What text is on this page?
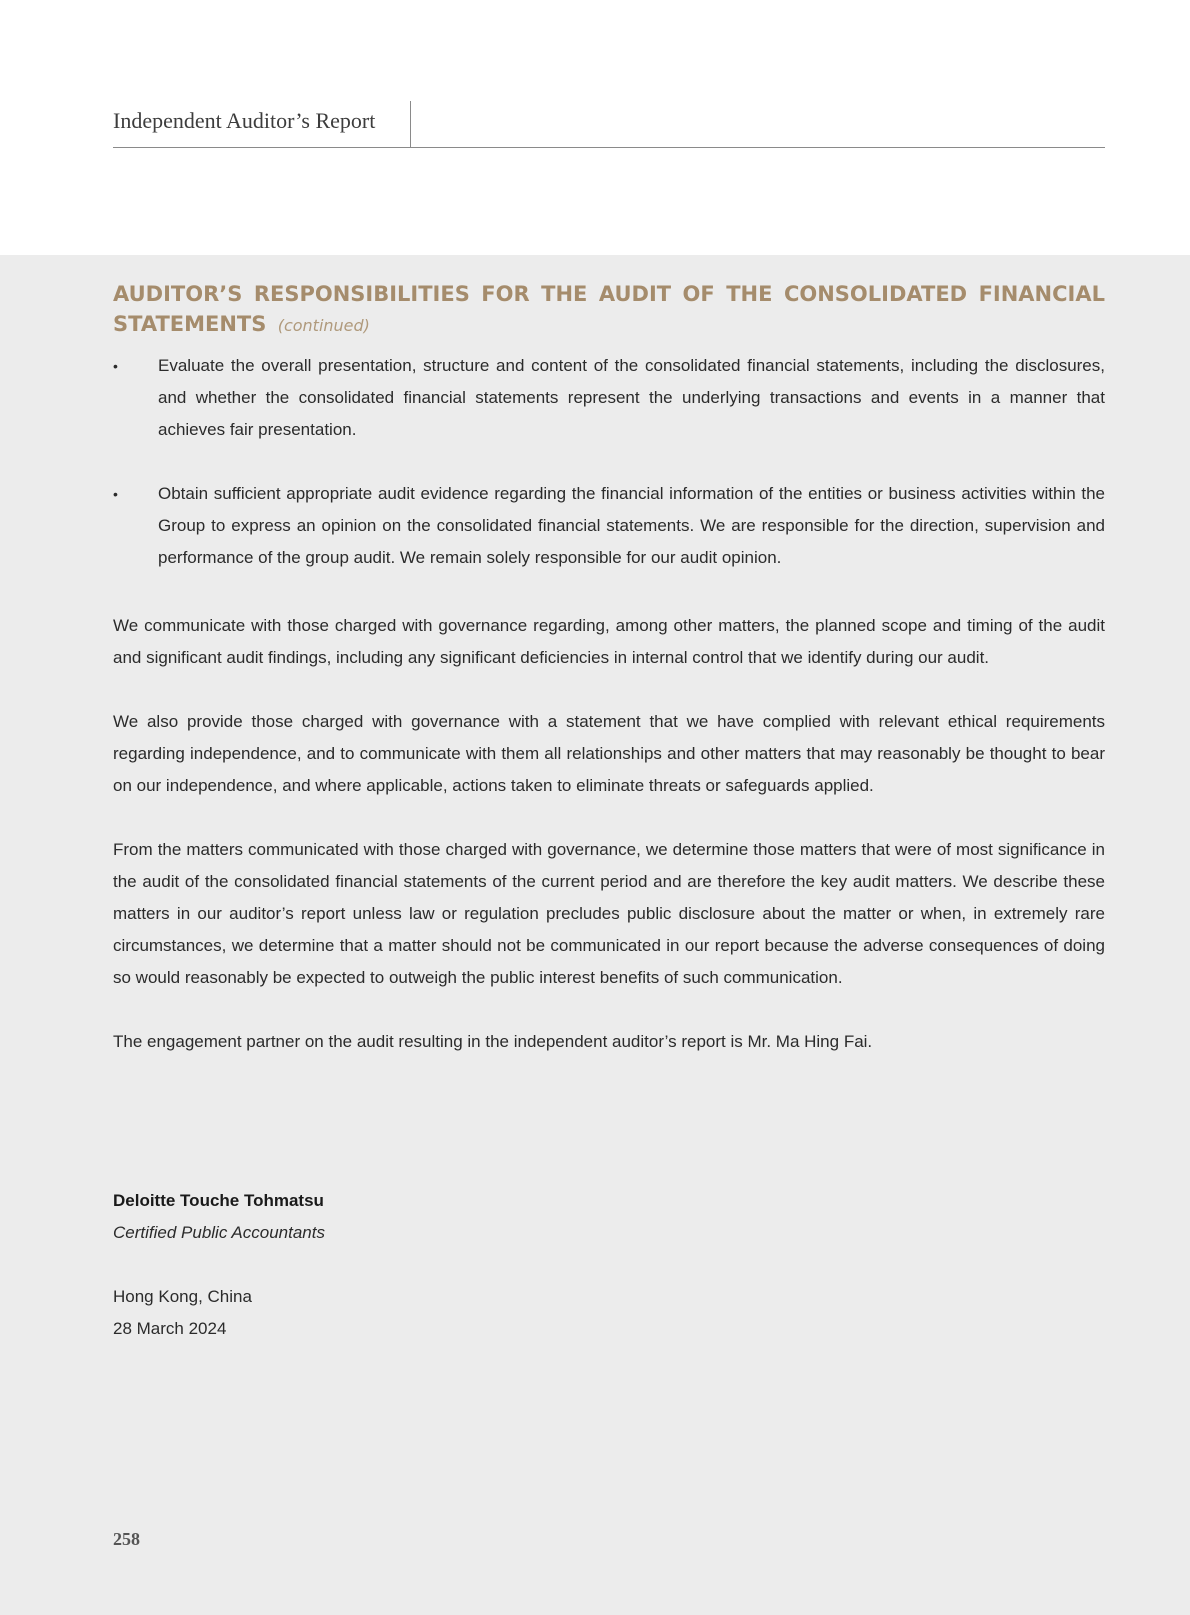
Independent Auditor’s Report
AUDITOR’S RESPONSIBILITIES FOR THE AUDIT OF THE CONSOLIDATED FINANCIAL
STATEMENTS (continued)
• Evaluate the overall presentation, structure and content of the consolidated financial statements, including the disclosures, and whether the consolidated financial statements represent the underlying transactions and events in a manner that achieves fair presentation.

• Obtain sufficient appropriate audit evidence regarding the financial information of the entities or business activities within the Group to express an opinion on the consolidated financial statements. We are responsible for the direction, supervision and performance of the group audit. We remain solely responsible for our audit opinion.

We communicate with those charged with governance regarding, among other matters, the planned scope and timing of the audit and significant audit findings, including any significant deficiencies in internal control that we identify during our audit.

We also provide those charged with governance with a statement that we have complied with relevant ethical requirements regarding independence, and to communicate with them all relationships and other matters that may reasonably be thought to bear on our independence, and where applicable, actions taken to eliminate threats or safeguards applied.

From the matters communicated with those charged with governance, we determine those matters that were of most significance in the audit of the consolidated financial statements of the current period and are therefore the key audit matters. We describe these matters in our auditor’s report unless law or regulation precludes public disclosure about the matter or when, in extremely rare circumstances, we determine that a matter should not be communicated in our report because the adverse consequences of doing so would reasonably be expected to outweigh the public interest benefits of such communication.

The engagement partner on the audit resulting in the independent auditor’s report is Mr. Ma Hing Fai.

Deloitte Touche Tohmatsu
Certified Public Accountants
Hong Kong, China
28 March 2024
258
